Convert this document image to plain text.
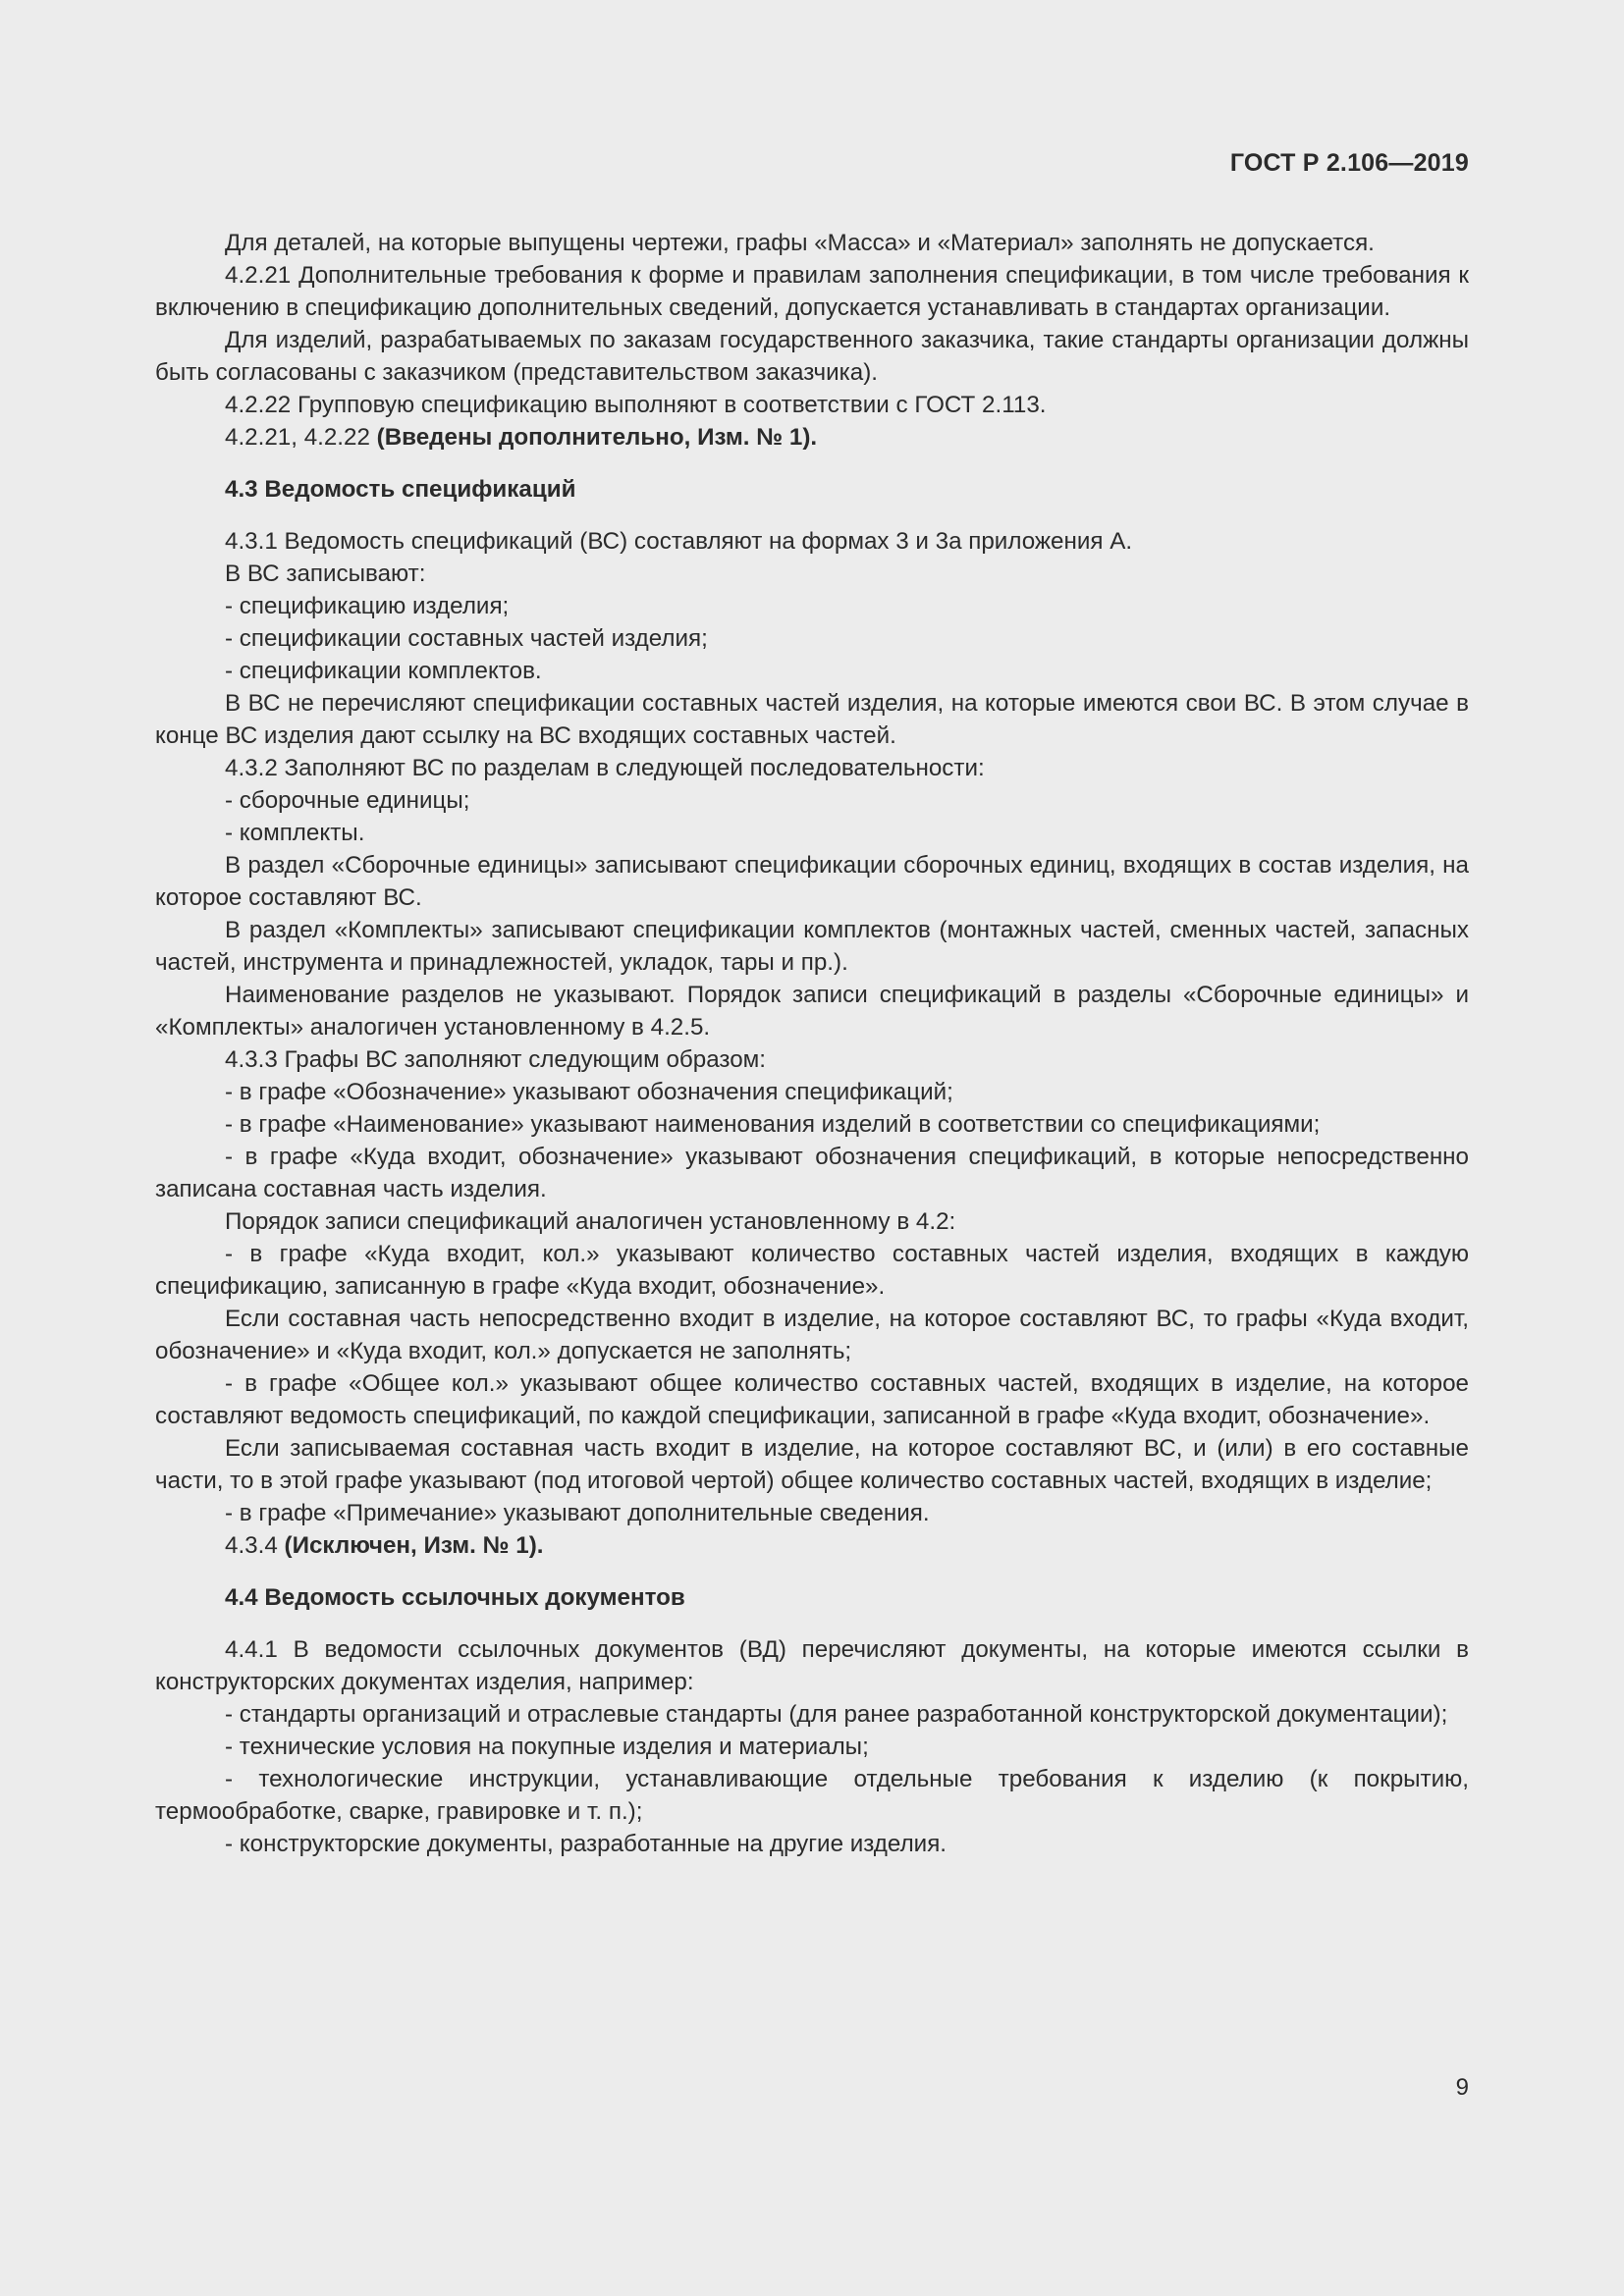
ГОСТ Р 2.106—2019

Для деталей, на которые выпущены чертежи, графы «Масса» и «Материал» заполнять не допускается.

4.2.21 Дополнительные требования к форме и правилам заполнения спецификации, в том числе требования к включению в спецификацию дополнительных сведений, допускается устанавливать в стандартах организации.

Для изделий, разрабатываемых по заказам государственного заказчика, такие стандарты организации должны быть согласованы с заказчиком (представительством заказчика).

4.2.22 Групповую спецификацию выполняют в соответствии с ГОСТ 2.113.

4.2.21, 4.2.22 (Введены дополнительно, Изм. № 1).

4.3 Ведомость спецификаций

4.3.1 Ведомость спецификаций (ВС) составляют на формах 3 и 3а приложения А.

В ВС записывают:

- спецификацию изделия;

- спецификации составных частей изделия;

- спецификации комплектов.

В ВС не перечисляют спецификации составных частей изделия, на которые имеются свои ВС. В этом случае в конце ВС изделия дают ссылку на ВС входящих составных частей.

4.3.2 Заполняют ВС по разделам в следующей последовательности:

- сборочные единицы;

- комплекты.

В раздел «Сборочные единицы» записывают спецификации сборочных единиц, входящих в состав изделия, на которое составляют ВС.

В раздел «Комплекты» записывают спецификации комплектов (монтажных частей, сменных частей, запасных частей, инструмента и принадлежностей, укладок, тары и пр.).

Наименование разделов не указывают. Порядок записи спецификаций в разделы «Сборочные единицы» и «Комплекты» аналогичен установленному в 4.2.5.

4.3.3 Графы ВС заполняют следующим образом:

- в графе «Обозначение» указывают обозначения спецификаций;

- в графе «Наименование» указывают наименования изделий в соответствии со спецификациями;

- в графе «Куда входит, обозначение» указывают обозначения спецификаций, в которые непосредственно записана составная часть изделия.

Порядок записи спецификаций аналогичен установленному в 4.2:

- в графе «Куда входит, кол.» указывают количество составных частей изделия, входящих в каждую спецификацию, записанную в графе «Куда входит, обозначение».

Если составная часть непосредственно входит в изделие, на которое составляют ВС, то графы «Куда входит, обозначение» и «Куда входит, кол.» допускается не заполнять;

- в графе «Общее кол.» указывают общее количество составных частей, входящих в изделие, на которое составляют ведомость спецификаций, по каждой спецификации, записанной в графе «Куда входит, обозначение».

Если записываемая составная часть входит в изделие, на которое составляют ВС, и (или) в его составные части, то в этой графе указывают (под итоговой чертой) общее количество составных частей, входящих в изделие;

- в графе «Примечание» указывают дополнительные сведения.

4.3.4 (Исключен, Изм. № 1).

4.4 Ведомость ссылочных документов

4.4.1 В ведомости ссылочных документов (ВД) перечисляют документы, на которые имеются ссылки в конструкторских документах изделия, например:

- стандарты организаций и отраслевые стандарты (для ранее разработанной конструкторской документации);

- технические условия на покупные изделия и материалы;

- технологические инструкции, устанавливающие отдельные требования к изделию (к покрытию, термообработке, сварке, гравировке и т. п.);

- конструкторские документы, разработанные на другие изделия.

9
